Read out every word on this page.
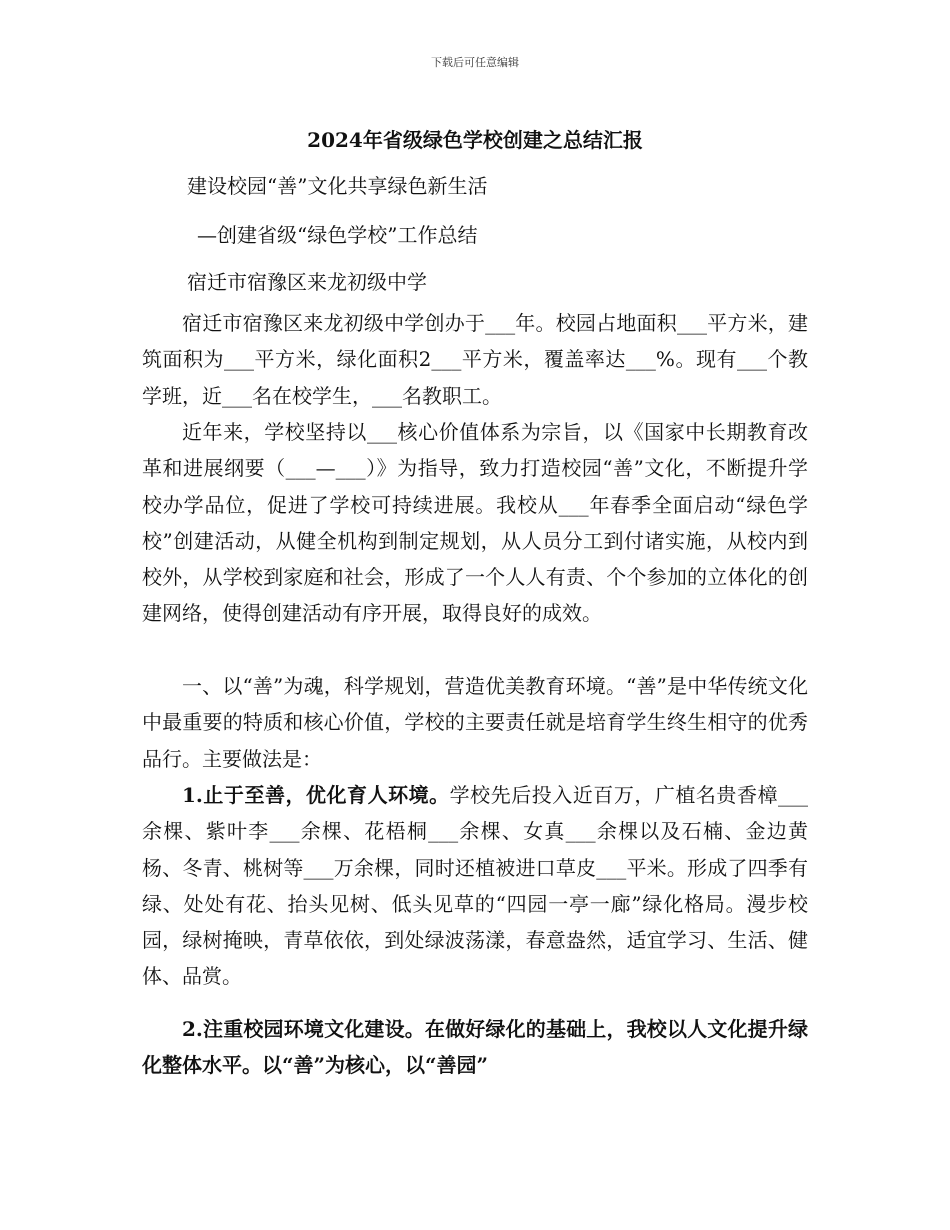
下载后可任意编辑
2024年省级绿色学校创建之总结汇报
建设校园“善”文化共享绿色新生活
—创建省级“绿色学校”工作总结
宿迁市宿豫区来龙初级中学

宿迁市宿豫区来龙初级中学创办于___年。校园占地面积___平方米，建筑面积为___平方米，绿化面积2___平方米，覆盖率达___%。现有___个教学班，近___名在校学生，___名教职工。

近年来，学校坚持以___核心价值体系为宗旨，以《国家中长期教育改革和进展纲要（___—___）》为指导，致力打造校园“善”文化，不断提升学校办学品位，促进了学校可持续进展。我校从___年春季全面启动“绿色学校”创建活动，从健全机构到制定规划，从人员分工到付诸实施，从校内到校外，从学校到家庭和社会，形成了一个人人有责、个个参加的立体化的创建网络，使得创建活动有序开展，取得良好的成效。

一、以“善”为魂，科学规划，营造优美教育环境。“善”是中华传统文化中最重要的特质和核心价值，学校的主要责任就是培育学生终生相守的优秀品行。主要做法是：

1.止于至善，优化育人环境。学校先后投入近百万，广植名贵香樟___余棵、紫叶李___余棵、花梧桐___余棵、女真___余棵以及石楠、金边黄杨、冬青、桃树等___万余棵，同时还植被进口草皮___平米。形成了四季有绿、处处有花、抬头见树、低头见草的“四园一亭一廊”绿化格局。漫步校园，绿树掩映，青草依依，到处绿波荡漾，春意盎然，适宜学习、生活、健体、品赏。

2.注重校园环境文化建设。在做好绿化的基础上，我校以人文化提升绿化整体水平。以“善”为核心，以“善园”
